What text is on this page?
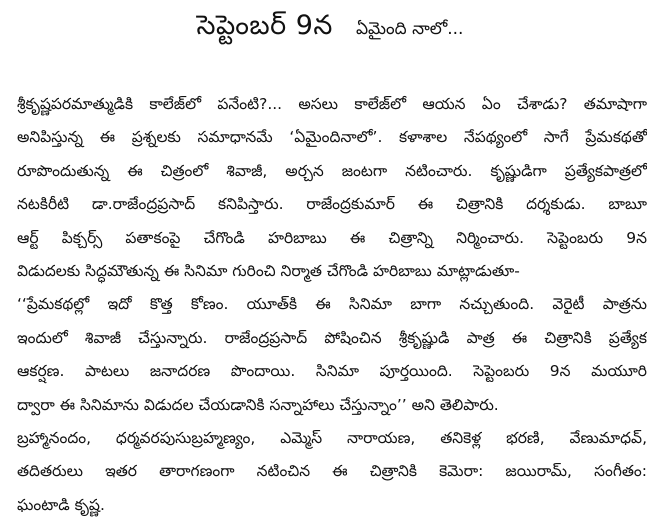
సెప్టెంబర్ 9న ఏమైంది నాలో...
శ్రీకృష్ణపరమాత్ముడికి కాలేజ్‌లో పనేంటి?... అసలు కాలేజ్‌లో ఆయన ఏం చేశాడు? తమాషాగా
అనిపిస్తున్న ఈ ప్రశ్నలకు సమాధానమే ‘ఏమైందినాలో’. కళాశాల నేపథ్యంలో సాగే ప్రేమకథతో
రూపొందుతున్న ఈ చిత్రంలో శివాజీ, అర్చన జంటగా నటించారు. కృష్ణుడిగా ప్రత్యేకపాత్రలో
నటకిరీటి డా.రాజేంద్రప్రసాద్ కనిపిస్తారు. రాజేంద్రకుమార్ ఈ చిత్రానికి దర్శకుడు. బాబూ
ఆర్ట్ పిక్చర్స్ పతాకంపై చేగొండి హరిబాబు ఈ చిత్రాన్ని నిర్మించారు. సెప్టెంబరు 9న
విడుదలకు సిద్ధమౌతున్న ఈ సినిమా గురించి నిర్మాత చేగొండి హరిబాబు మాట్లాడుతూ-
‘‘ప్రేమకథల్లో ఇదో కొత్త కోణం. యూత్‌కి ఈ సినిమా బాగా నచ్చుతుంది. వెరైటీ పాత్రను
ఇందులో శివాజీ చేస్తున్నారు. రాజేంద్రప్రసాద్ పోషించిన శ్రీకృష్ణుడి పాత్ర ఈ చిత్రానికి ప్రత్యేక
ఆకర్షణ. పాటలు జనాదరణ పొందాయి. సినిమా పూర్తయింది. సెప్టెంబరు 9న మయూరి
ద్వారా ఈ సినిమాను విడుదల చేయడానికి సన్నాహాలు చేస్తున్నాం’’ అని తెలిపారు.
బ్రహ్మానందం, ధర్మవరపుసుబ్రహ్మణ్యం, ఎమ్మెస్ నారాయణ, తనికెళ్ల భరణి, వేణుమాధవ్,
తదితరులు ఇతర తారాగణంగా నటించిన ఈ చిత్రానికి కెమెరా: జయిరామ్, సంగీతం:
ఘంటాడి కృష్ణ.
